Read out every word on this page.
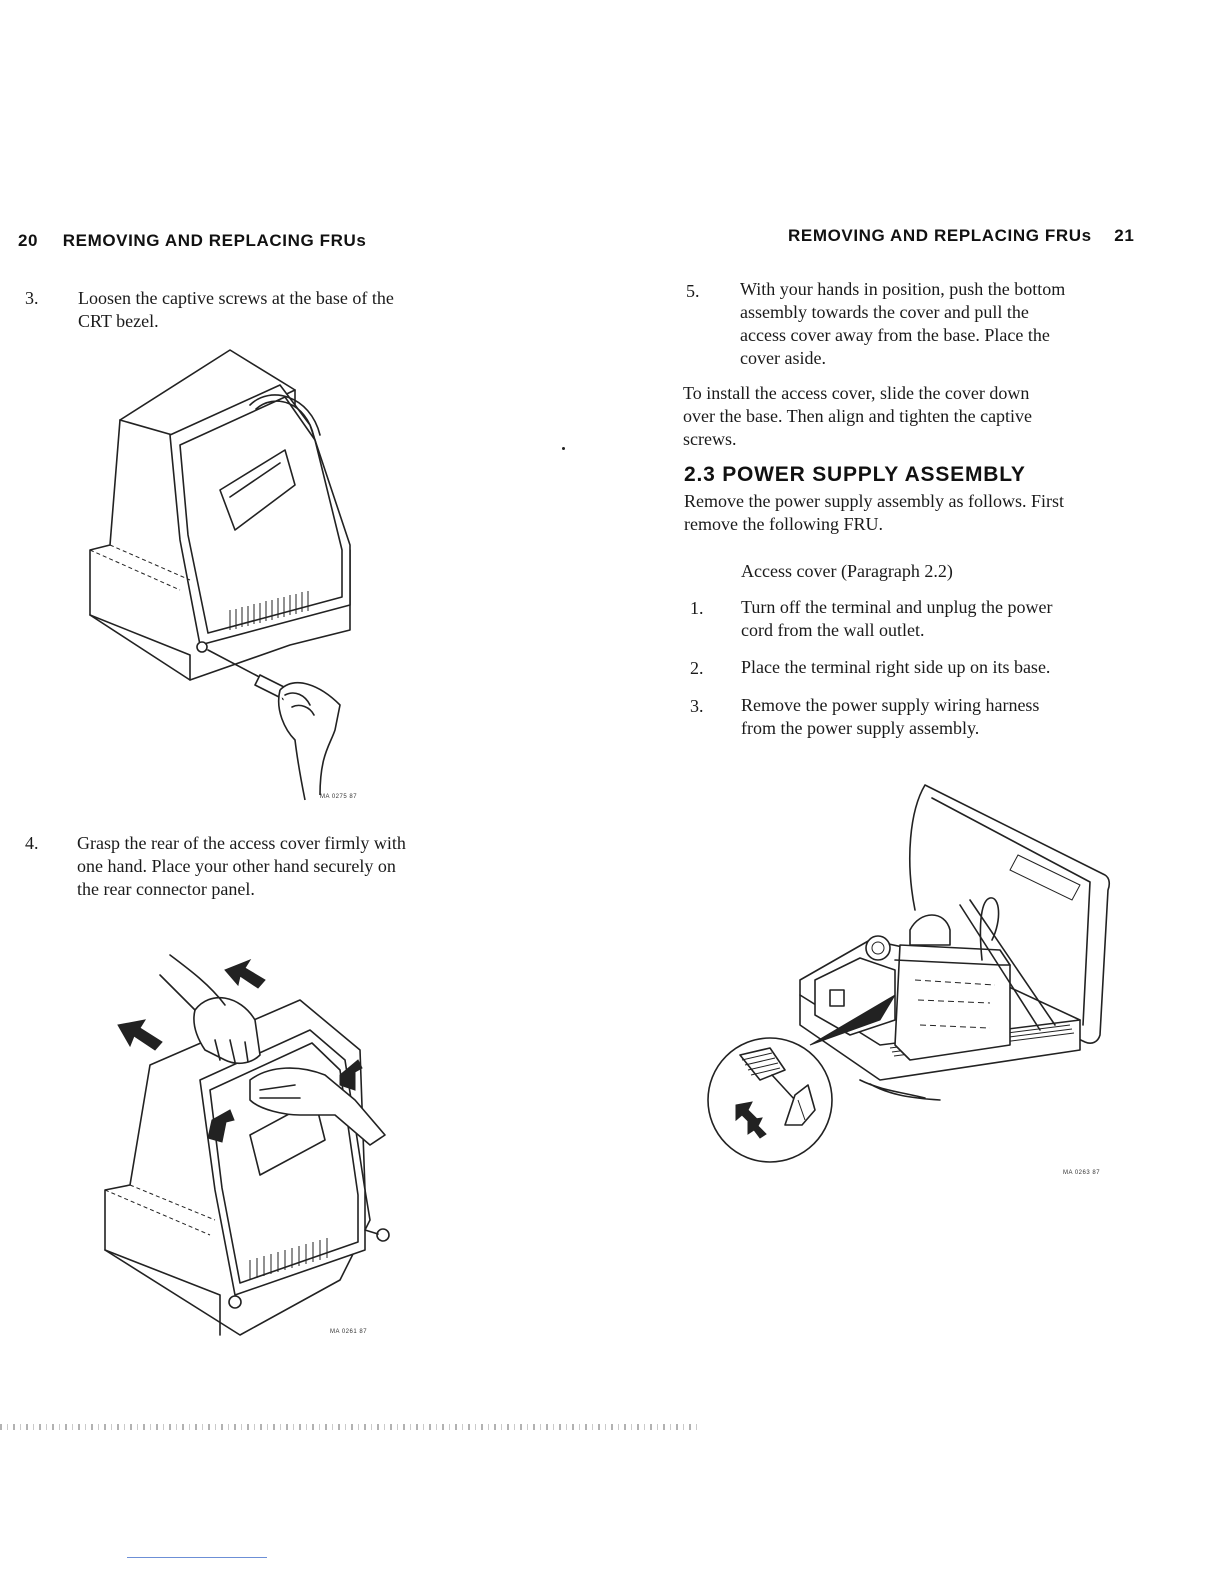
20 REMOVING AND REPLACING FRUs
3. Loosen the captive screws at the base of the
CRT bezel.
MA 0275 87
4. Grasp the rear of the access cover firmly with
one hand. Place your other hand securely on
the rear connector panel.
MA 0261 87
REMOVING AND REPLACING FRUs 21
5. With your hands in position, push the bottom
assembly towards the cover and pull the
access cover away from the base. Place the
cover aside.
To install the access cover, slide the cover down
over the base. Then align and tighten the captive
screws.
2.3 POWER SUPPLY ASSEMBLY
Remove the power supply assembly as follows. First
remove the following FRU.
Access cover (Paragraph 2.2)
1. Turn off the terminal and unplug the power
cord from the wall outlet.
2. Place the terminal right side up on its base.
3. Remove the power supply wiring harness
from the power supply assembly.
MA 0263 87
